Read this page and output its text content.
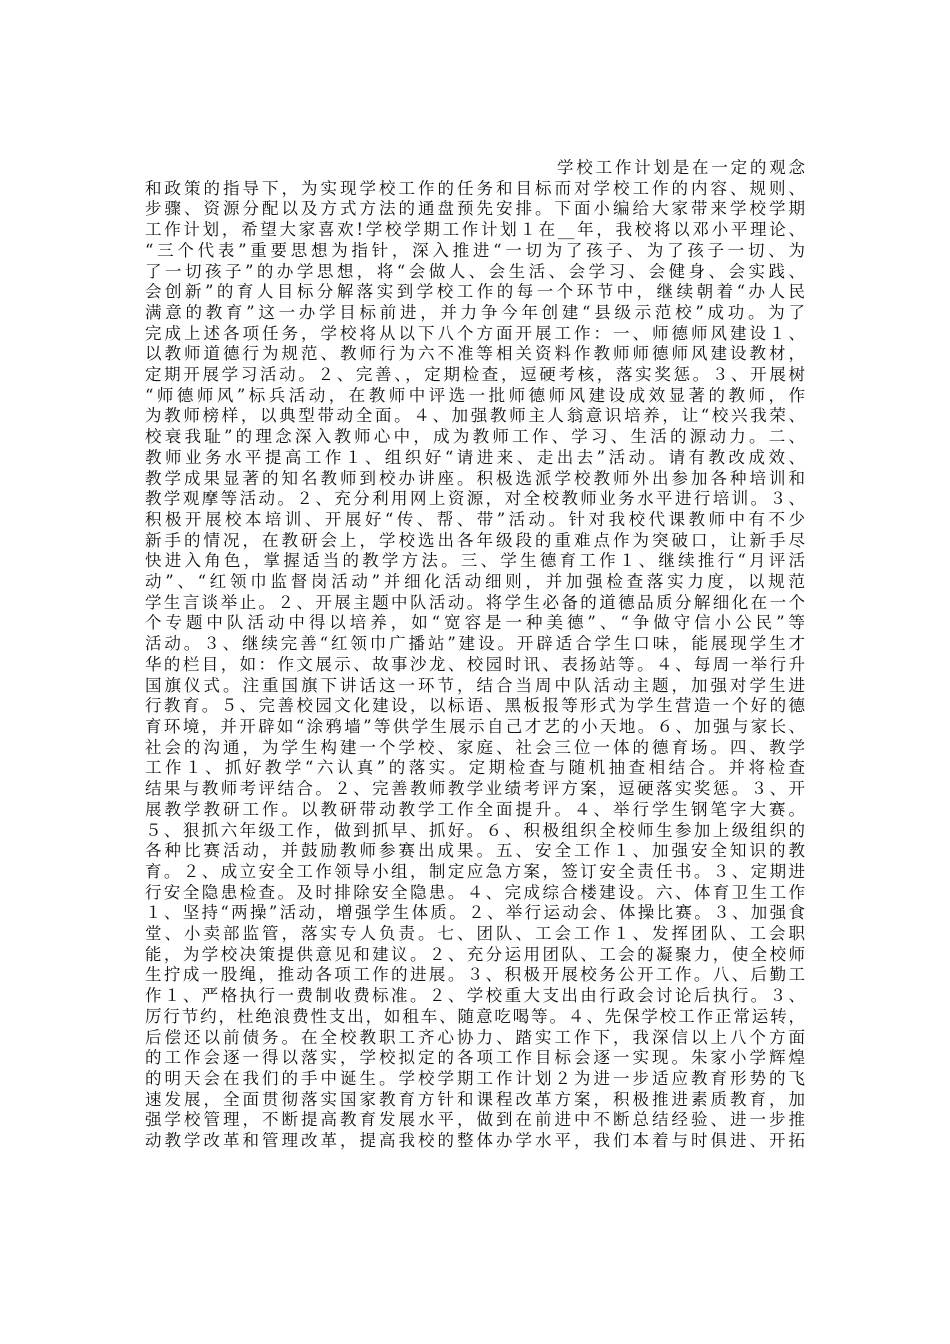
学校工作计划是在一定的观念
和政策的指导下，为实现学校工作的任务和目标而对学校工作的内容、规则、
步骤、资源分配以及方式方法的通盘预先安排。下面小编给大家带来学校学期
工作计划，希望大家喜欢!学校学期工作计划１在__年，我校将以邓小平理论、
“三个代表”重要思想为指针，深入推进“一切为了孩子、为了孩子一切、为
了一切孩子”的办学思想，将“会做人、会生活、会学习、会健身、会实践、
会创新”的育人目标分解落实到学校工作的每一个环节中，继续朝着“办人民
满意的教育”这一办学目标前进，并力争今年创建“县级示范校”成功。为了
完成上述各项任务，学校将从以下八个方面开展工作：一、师德师风建设１、
以教师道德行为规范、教师行为六不准等相关资料作教师师德师风建设教材，
定期开展学习活动。２、完善、，定期检查，逗硬考核，落实奖惩。３、开展树
“师德师风”标兵活动，在教师中评选一批师德师风建设成效显著的教师，作
为教师榜样，以典型带动全面。４、加强教师主人翁意识培养，让“校兴我荣、
校衰我耻”的理念深入教师心中，成为教师工作、学习、生活的源动力。二、
教师业务水平提高工作１、组织好“请进来、走出去”活动。请有教改成效、
教学成果显著的知名教师到校办讲座。积极选派学校教师外出参加各种培训和
教学观摩等活动。２、充分利用网上资源，对全校教师业务水平进行培训。３、
积极开展校本培训、开展好“传、帮、带”活动。针对我校代课教师中有不少
新手的情况，在教研会上，学校选出各年级段的重难点作为突破口，让新手尽
快进入角色，掌握适当的教学方法。三、学生德育工作１、继续推行“月评活
动”、“红领巾监督岗活动”并细化活动细则，并加强检查落实力度，以规范
学生言谈举止。２、开展主题中队活动。将学生必备的道德品质分解细化在一个
个专题中队活动中得以培养，如“宽容是一种美德”、“争做守信小公民”等
活动。３、继续完善“红领巾广播站”建设。开辟适合学生口味，能展现学生才
华的栏目，如：作文展示、故事沙龙、校园时讯、表扬站等。４、每周一举行升
国旗仪式。注重国旗下讲话这一环节，结合当周中队活动主题，加强对学生进
行教育。５、完善校园文化建设，以标语、黑板报等形式为学生营造一个好的德
育环境，并开辟如“涂鸦墙”等供学生展示自己才艺的小天地。６、加强与家长、
社会的沟通，为学生构建一个学校、家庭、社会三位一体的德育场。四、教学
工作１、抓好教学“六认真”的落实。定期检查与随机抽查相结合。并将检查
结果与教师考评结合。２、完善教师教学业绩考评方案，逗硬落实奖惩。３、开
展教学教研工作。以教研带动教学工作全面提升。４、举行学生钢笔字大赛。
５、狠抓六年级工作，做到抓早、抓好。６、积极组织全校师生参加上级组织的
各种比赛活动，并鼓励教师参赛出成果。五、安全工作１、加强安全知识的教
育。２、成立安全工作领导小组，制定应急方案，签订安全责任书。３、定期进
行安全隐患检查。及时排除安全隐患。４、完成综合楼建设。六、体育卫生工作
１、坚持“两操”活动，增强学生体质。２、举行运动会、体操比赛。３、加强食
堂、小卖部监管，落实专人负责。七、团队、工会工作１、发挥团队、工会职
能，为学校决策提供意见和建议。２、充分运用团队、工会的凝聚力，使全校师
生拧成一股绳，推动各项工作的进展。３、积极开展校务公开工作。八、后勤工
作１、严格执行一费制收费标准。２、学校重大支出由行政会讨论后执行。３、
厉行节约，杜绝浪费性支出，如租车、随意吃喝等。４、先保学校工作正常运转，
后偿还以前债务。在全校教职工齐心协力、踏实工作下，我深信以上八个方面
的工作会逐一得以落实，学校拟定的各项工作目标会逐一实现。朱家小学辉煌
的明天会在我们的手中诞生。学校学期工作计划２为进一步适应教育形势的飞
速发展，全面贯彻落实国家教育方针和课程改革方案，积极推进素质教育，加
强学校管理，不断提高教育发展水平，做到在前进中不断总结经验、进一步推
动教学改革和管理改革，提高我校的整体办学水平，我们本着与时俱进、开拓
